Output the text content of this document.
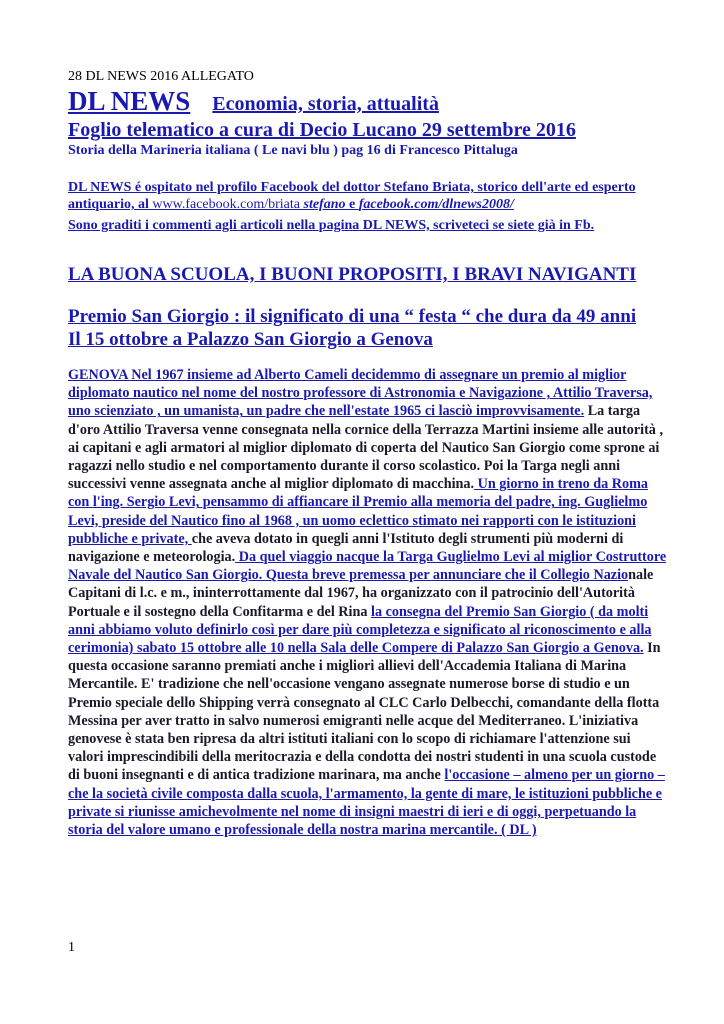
28 DL NEWS 2016 ALLEGATO
DL NEWS Economia, storia, attualità
Foglio telematico a cura di Decio Lucano 29 settembre 2016
Storia della Marineria italiana ( Le navi blu ) pag 16 di Francesco Pittaluga
DL NEWS é ospitato nel profilo Facebook del dottor Stefano Briata, storico dell'arte ed esperto antiquario, al www.facebook.com/briata stefano e facebook.com/dlnews2008/
Sono graditi i commenti agli articoli nella pagina DL NEWS, scriveteci se siete già in Fb.
LA BUONA SCUOLA, I BUONI PROPOSITI, I BRAVI NAVIGANTI
Premio San Giorgio : il significato di una “ festa “ che dura da 49 anni
Il 15 ottobre a Palazzo San Giorgio a Genova
GENOVA Nel 1967 insieme ad Alberto Cameli decidemmo di assegnare un premio al miglior diplomato nautico nel nome del nostro professore di Astronomia e Navigazione , Attilio Traversa, uno scienziato , un umanista, un padre che nell'estate 1965 ci lasciò improvvisamente. La targa d'oro Attilio Traversa venne consegnata nella cornice della Terrazza Martini insieme alle autorità , ai capitani e agli armatori al miglior diplomato di coperta del Nautico San Giorgio come sprone ai ragazzi nello studio e nel comportamento durante il corso scolastico. Poi la Targa negli anni successivi venne assegnata anche al miglior diplomato di macchina. Un giorno in treno da Roma con l'ing. Sergio Levi, pensammo di affiancare il Premio alla memoria del padre, ing. Guglielmo Levi, preside del Nautico fino al 1968 , un uomo eclettico stimato nei rapporti con le istituzioni pubbliche e private, che aveva dotato in quegli anni l'Istituto degli strumenti più moderni di navigazione e meteorologia. Da quel viaggio nacque la Targa Guglielmo Levi al miglior Costruttore Navale del Nautico San Giorgio. Questa breve premessa per annunciare che il Collegio Nazionale Capitani di l.c. e m., ininterrottamente dal 1967, ha organizzato con il patrocinio dell'Autorità Portuale e il sostegno della Confitarma e del Rina la consegna del Premio San Giorgio ( da molti anni abbiamo voluto definirlo così per dare più completezza e significato al riconoscimento e alla cerimonia) sabato 15 ottobre alle 10 nella Sala delle Compere di Palazzo San Giorgio a Genova. In questa occasione saranno premiati anche i migliori allievi dell'Accademia Italiana di Marina Mercantile. E' tradizione che nell'occasione vengano assegnate numerose borse di studio e un Premio speciale dello Shipping verrà consegnato al CLC Carlo Delbecchi, comandante della flotta Messina per aver tratto in salvo numerosi emigranti nelle acque del Mediterraneo. L'iniziativa genovese è stata ben ripresa da altri istituti italiani con lo scopo di richiamare l'attenzione sui valori imprescindibili della meritocrazia e della condotta dei nostri studenti in una scuola custode di buoni insegnanti e di antica tradizione marinara, ma anche l'occasione – almeno per un giorno – che la società civile composta dalla scuola, l'armamento, la gente di mare, le istituzioni pubbliche e private si riunisse amichevolmente nel nome di insigni maestri di ieri e di oggi, perpetuando la storia del valore umano e professionale della nostra marina mercantile. ( DL )
1
